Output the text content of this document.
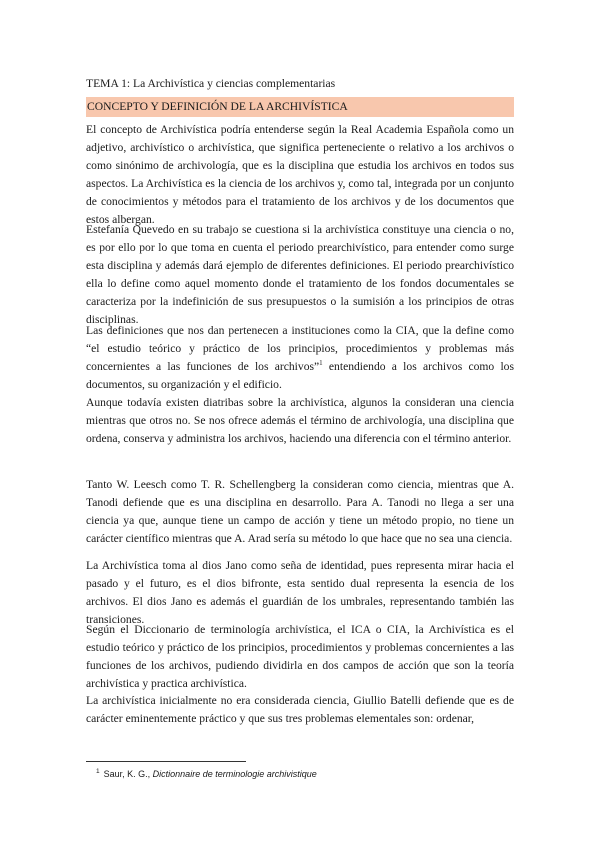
TEMA 1: La Archivística y ciencias complementarias
CONCEPTO Y DEFINICIÓN DE LA ARCHIVÍSTICA

El concepto de Archivística podría entenderse según la Real Academia Española como un adjetivo, archivístico o archivística, que significa perteneciente o relativo a los archivos o como sinónimo de archivología, que es la disciplina que estudia los archivos en todos sus aspectos. La Archivística es la ciencia de los archivos y, como tal, integrada por un conjunto de conocimientos y métodos para el tratamiento de los archivos y de los documentos que estos albergan.

Estefanía Quevedo en su trabajo se cuestiona si la archivística constituye una ciencia o no, es por ello por lo que toma en cuenta el periodo prearchivístico, para entender como surge esta disciplina y además dará ejemplo de diferentes definiciones. El periodo prearchivístico ella lo define como aquel momento donde el tratamiento de los fondos documentales se caracteriza por la indefinición de sus presupuestos o la sumisión a los principios de otras disciplinas.

Las definiciones que nos dan pertenecen a instituciones como la CIA, que la define como “el estudio teórico y práctico de los principios, procedimientos y problemas más concernientes a las funciones de los archivos”$^1$ entendiendo a los archivos como los documentos, su organización y el edificio.

Aunque todavía existen diatribas sobre la archivística, algunos la consideran una ciencia mientras que otros no. Se nos ofrece además el término de archivología, una disciplina que ordena, conserva y administra los archivos, haciendo una diferencia con el término anterior.

Tanto W. Leesch como T. R. Schellengberg la consideran como ciencia, mientras que A. Tanodi defiende que es una disciplina en desarrollo. Para A. Tanodi no llega a ser una ciencia ya que, aunque tiene un campo de acción y tiene un método propio, no tiene un carácter científico mientras que A. Arad sería su método lo que hace que no sea una ciencia.

La Archivística toma al dios Jano como seña de identidad, pues representa mirar hacia el pasado y el futuro, es el dios bifronte, esta sentido dual representa la esencia de los archivos. El dios Jano es además el guardián de los umbrales, representando también las transiciones.

Según el Diccionario de terminología archivística, el ICA o CIA, la Archivística es el estudio teórico y práctico de los principios, procedimientos y problemas concernientes a las funciones de los archivos, pudiendo dividirla en dos campos de acción que son la teoría archivística y practica archivística.

La archivística inicialmente no era considerada ciencia, Giullio Batelli defiende que es de carácter eminentemente práctico y que sus tres problemas elementales son: ordenar,

$^1$ Saur, K. G., Dictionnaire de terminologie archivistique
